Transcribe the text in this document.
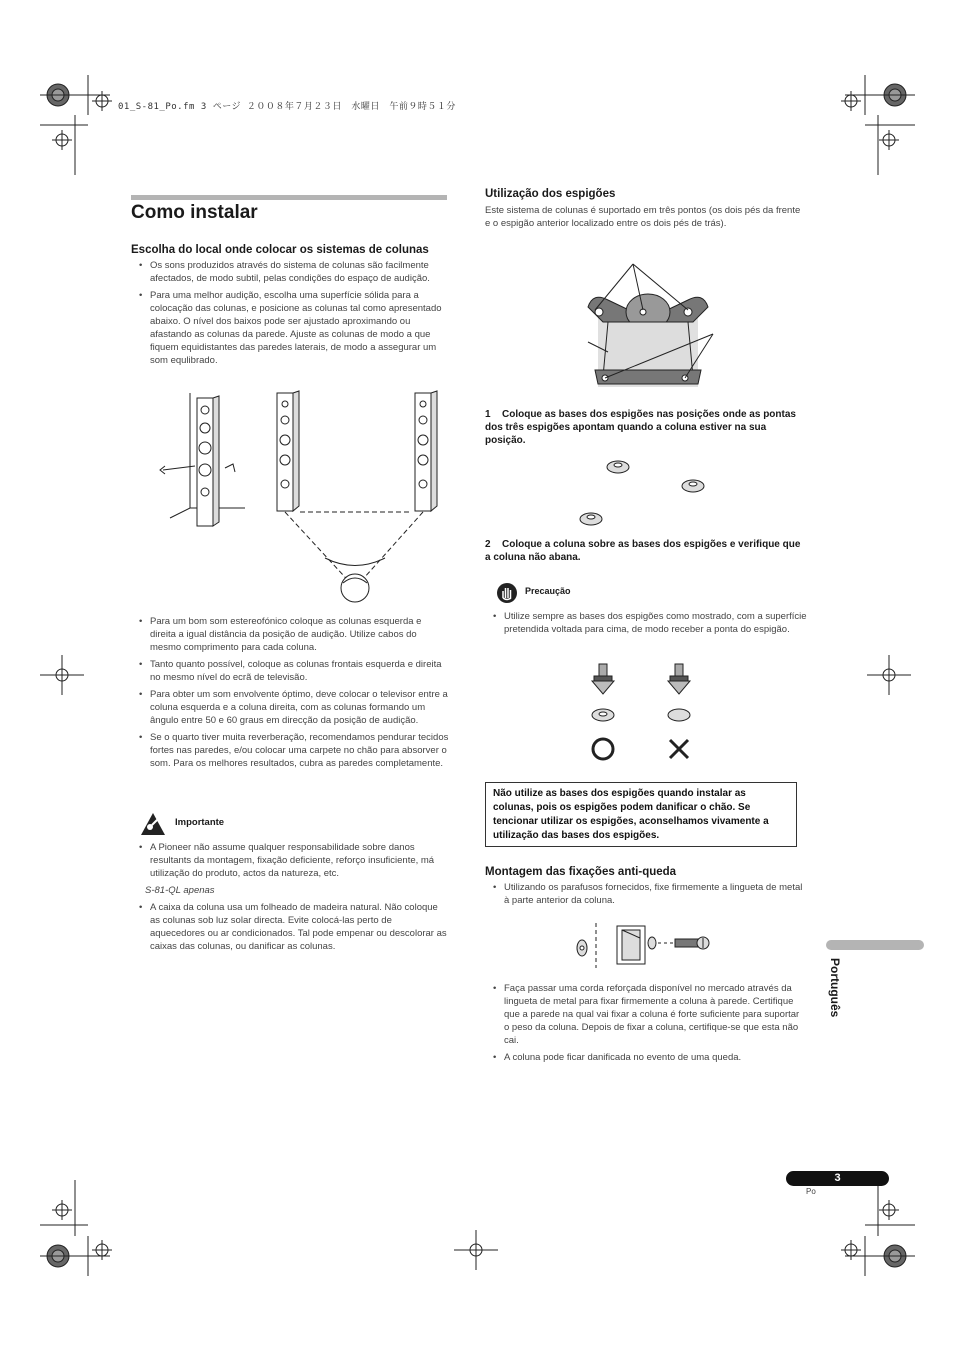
01_S-81_Po.fm 3 ページ ２００８年７月２３日　水曜日　午前９時５１分
Como instalar
Escolha do local onde colocar os sistemas de colunas
• Os sons produzidos através do sistema de colunas são facilmente afectados, de modo subtil, pelas condições do espaço de audição.
• Para uma melhor audição, escolha uma superfície sólida para a colocação das colunas, e posicione as colunas tal como apresentado abaixo. O nível dos baixos pode ser ajustado aproximando ou afastando as colunas da parede. Ajuste as colunas de modo a que fiquem equidistantes das paredes laterais, de modo a assegurar um som equlibrado.
• Para um bom som estereofónico coloque as colunas esquerda e direita a igual distância da posição de audição. Utilize cabos do mesmo comprimento para cada coluna.
• Tanto quanto possível, coloque as colunas frontais esquerda e direita no mesmo nível do ecrã de televisão.
• Para obter um som envolvente óptimo, deve colocar o televisor entre a coluna esquerda e a coluna direita, com as colunas formando um ângulo entre 50 e 60 graus em direcção da posição de audição.
• Se o quarto tiver muita reverberação, recomendamos pendurar tecidos fortes nas paredes, e/ou colocar uma carpete no chão para absorver o som. Para os melhores resultados, cubra as paredes completamente.
Importante
• A Pioneer não assume qualquer responsabilidade sobre danos resultants da montagem, fixação deficiente, reforço insuficiente, má utilização do produto, actos da natureza, etc.
S-81-QL apenas
• A caixa da coluna usa um folheado de madeira natural. Não coloque as colunas sob luz solar directa. Evite colocá-las perto de aquecedores ou ar condicionados. Tal pode empenar ou descolorar as caixas das colunas, ou danificar as colunas.
Utilização dos espigões
Este sistema de colunas é suportado em três pontos (os dois pés da frente e o espigão anterior localizado entre os dois pés de trás).
1 Coloque as bases dos espigões nas posições onde as pontas dos três espigões apontam quando a coluna estiver na sua posição.
2 Coloque a coluna sobre as bases dos espigões e verifique que a coluna não abana.
Precaução
• Utilize sempre as bases dos espigões como mostrado, com a superfície pretendida voltada para cima, de modo receber a ponta do espigão.
Não utilize as bases dos espigões quando instalar as colunas, pois os espigões podem danificar o chão. Se tencionar utilizar os espigões, aconselhamos vivamente a utilização das bases dos espigões.
Montagem das fixações anti-queda
• Utilizando os parafusos fornecidos, fixe firmemente a lingueta de metal à parte anterior da coluna.
• Faça passar uma corda reforçada disponível no mercado através da lingueta de metal para fixar firmemente a coluna à parede. Certifique que a parede na qual vai fixar a coluna é forte suficiente para suportar o peso da coluna. Depois de fixar a coluna, certifique-se que esta não cai.
• A coluna pode ficar danificada no evento de uma queda.
Português
3
Po
